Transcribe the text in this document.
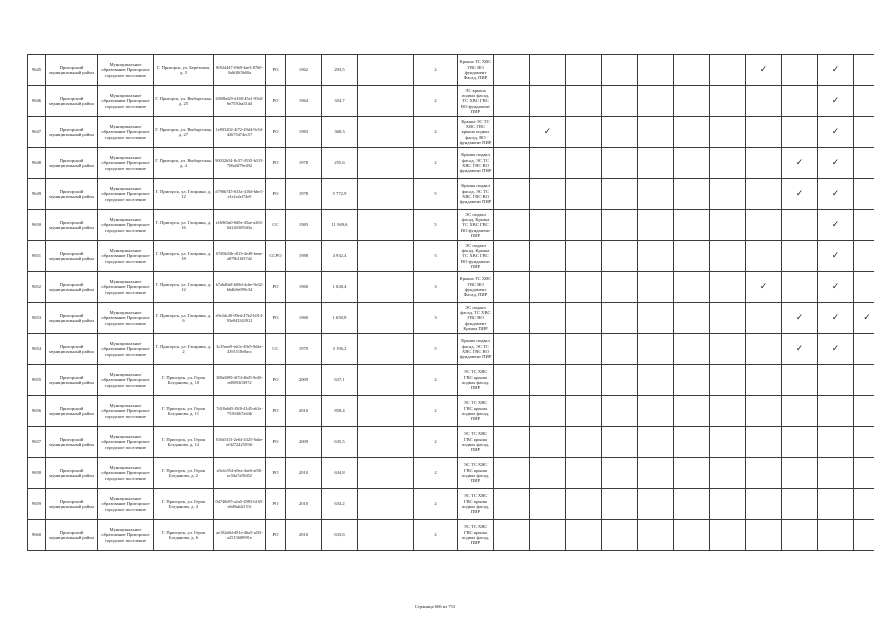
9645	Пригорский муниципальный район	Муниципальное образование Пригорское городское поселение	Г. Пригорск, ул. Березовая, д. 3	8f924447-f9b9-4ae3-87b0-9a6ff0f3b00a	РО	1962	293,5		2	Крыша ТС ХВС ГВС ВО фундамент Фасад, ПИР								✓		✓	
9646	Пригорский муниципальный район	Муниципальное образование Пригорское городское поселение	Г. Пригорск, ул. Выборгская, д. 25	6569bd29-d168-45e1-95df-6e7550aa31d4	РО	1964	354,7		2	ЭС крыша подвал фасад, ТС ХВС ГВС ВО фундамент ПИР										✓	
9647	Пригорский муниципальный район	Муниципальное образование Пригорское городское поселение	Г. Пригорск, ул. Выборгская, д. 27	1e903202-4f72-49d4-9c54-42675d74ec57	РО	1983	368,3		2	Крыша ЭС ТС ХВС ГВС крыша подвал фасад, ВО фундамент ПИР		✓								✓	
9648	Пригорский муниципальный район	Муниципальное образование Пригорское городское поселение	Г. Пригорск, ул. Выборгская, д. 4	90032b54-8c57-4535-b315-706d4f79e492	РО	1978	255,6		2	Крыша подвал фасад, ЭС ТС ХВС ГВС ВО фундамент ПИР									✓	✓	
9649	Пригорский муниципальный район	Муниципальное образование Пригорское городское поселение	Г. Пригорск, ул. Гагарина, д. 12	d790b745-633a-410d-bbe1-e1e1a2ef74e9	РО	1978	5 772,9		5	Крыша подвал фасад, ЭС ТС ХВС ГВС ВО фундамент ПИР									✓	✓	
9650	Пригорский муниципальный район	Муниципальное образование Пригорское городское поселение	Г. Пригорск, ул. Гагарина, д. 16	e1b963a0-8d9e-45ae-a263-0d1403f93d3a	СС	1983	11 949,6		5	ЭС подвал фасад, Крыша ТС ХВС ГВС ВО фундамент ПИР										✓	
9651	Пригорский муниципальный район	Муниципальное образование Пригорское городское поселение	Г. Пригорск, ул. Гагарина, д. 18	07d9b33b-d1f3-4e48-beae-a879b16f37d2	ССРО	1988	4 932,4		5	ЭС подвал фасад, Крыша ТС ХВС ГВС ВО фундамент ПИР										✓	
9652	Пригорский муниципальный район	Муниципальное образование Пригорское городское поселение	Г. Пригорск, ул. Гагарина, д. 12	b7a6d0a8-b00d-4cbe-9e32-b6db8e099c34	РО	1960	1 638,4		3	Крыша ТС ХВС ГВС ВО фундамент Фасад, ПИР								✓		✓	
9653	Пригорский муниципальный район	Муниципальное образование Пригорское городское поселение	Г. Пригорск, ул. Гагарина, д. 6	e9e2dc40-09ed-47b2-b914-93e843343912	РО	1960	1 650,8		3	ЭС подвал фасад, ТС ХВС ГВС ВО фундамент Крыша ПИР									✓	✓	✓
9654	Пригорский муниципальный район	Муниципальное образование Пригорское городское поселение	Г. Пригорск, ул. Гагарина, д. 2	3c35eee9-eb1e-49e5-8d4e-4391518e8acc	СС	1979	3 196,2		5	Крыша подвал фасад, ЭС ТС ХВС ГВС ВО фундамент ПИР									✓	✓	
9655	Пригорский муниципальный район	Муниципальное образование Пригорское городское поселение	Г. Пригорск, ул. Героя Богданова, д. 10	308a8f99-4f7d-46d5-9e26-ed8093f3f972	РО	2009	637,1		2	ЭС ТС ХВС ГВС крыша подвал фасад, ПИР											
9656	Пригорский муниципальный район	Муниципальное образование Пригорское городское поселение	Г. Пригорск, ул. Героя Богданова, д. 11	7d18a6d5-f5f8-41d5-a61e-75394f67a64b	РО	2010	858,4		2	ЭС ТС ХВС ГВС крыша подвал фасад, ПИР											
9657	Пригорский муниципальный район	Муниципальное образование Пригорское городское поселение	Г. Пригорск, ул. Героя Богданова, д. 12	010d5f13-2e64-4325-8abe-ef4272425016f	РО	2009	635,5		2	ЭС ТС ХВС ГВС крыша подвал фасад, ПИР											
9658	Пригорский муниципальный район	Муниципальное образование Пригорское городское поселение	Г. Пригорск, ул. Героя Богданова, д. 2	a5e4c554-a9ea-4ae6-af56-ec5da7a58d52	РО	2010	634,8		2	ЭС ТС ХВС ГВС крыша подвал фасад, ПИР											
9659	Пригорский муниципальный район	Муниципальное образование Пригорское городское поселение	Г. Пригорск, ул. Героя Богданова, д. 4	0d748e95-a2a5-4983-b165-e6d9ab2f151f	РО	2010	633,2		2	ЭС ТС ХВС ГВС крыша подвал фасад, ПИР											
9660	Пригорский муниципальный район	Муниципальное образование Пригорское городское поселение	Г. Пригорск, ул. Героя Богданова, д. 6	ae182a8d-d91e-46a5-a5f3-a25136f8991e	РО	2010	633,6		2	ЭС ТС ХВС ГВС крыша подвал фасад, ПИР											
Страница 606 из 753
